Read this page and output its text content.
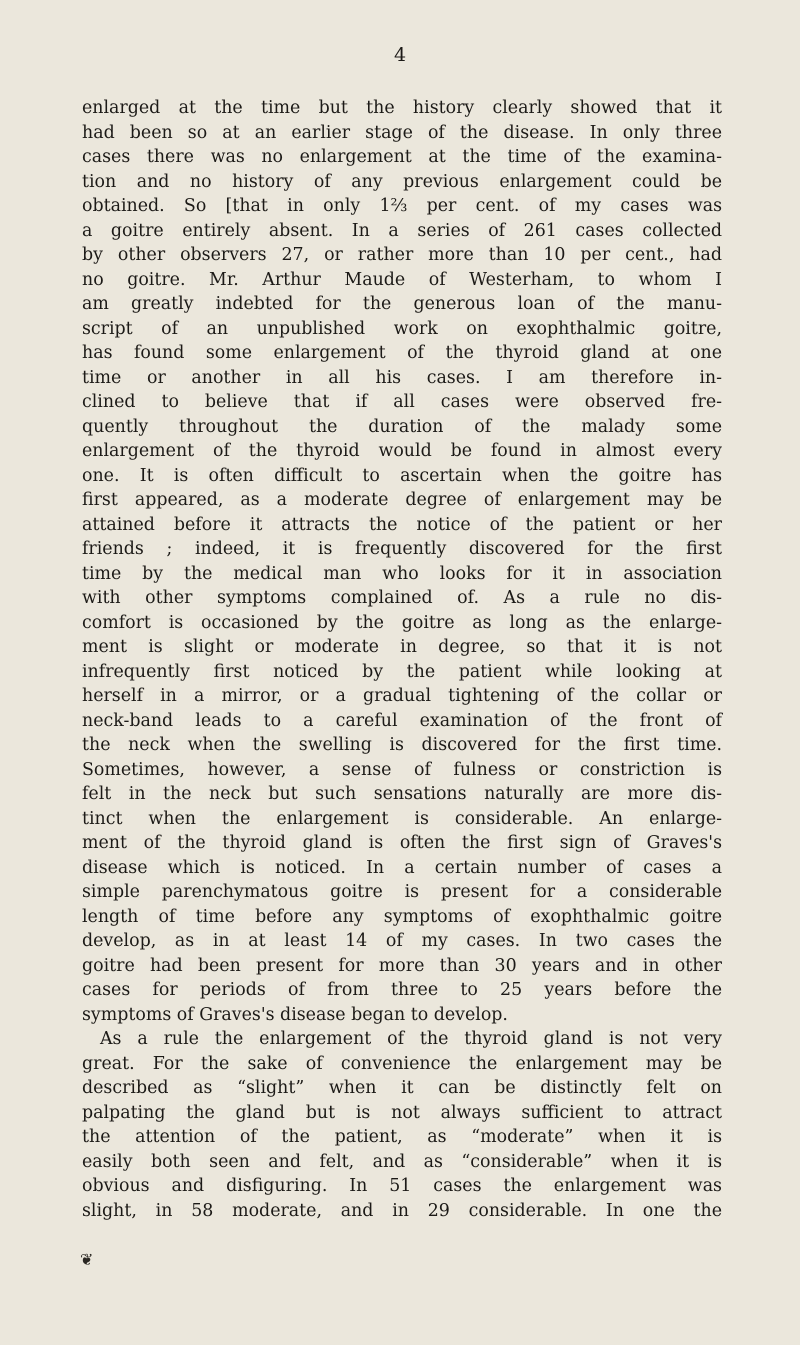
4
enlarged at the time but the history clearly showed that it
had been so at an earlier stage of the disease. In only three
cases there was no enlargement at the time of the examina-
tion and no history of any previous enlargement could be
obtained. So [that in only 1⅔ per cent. of my cases was
a goitre entirely absent. In a series of 261 cases collected
by other observers 27, or rather more than 10 per cent., had
no goitre. Mr. Arthur Maude of Westerham, to whom I
am greatly indebted for the generous loan of the manu-
script of an unpublished work on exophthalmic goitre,
has found some enlargement of the thyroid gland at one
time or another in all his cases. I am therefore in-
clined to believe that if all cases were observed fre-
quently throughout the duration of the malady some
enlargement of the thyroid would be found in almost every
one. It is often difficult to ascertain when the goitre has
first appeared, as a moderate degree of enlargement may be
attained before it attracts the notice of the patient or her
friends ; indeed, it is frequently discovered for the first
time by the medical man who looks for it in association
with other symptoms complained of. As a rule no dis-
comfort is occasioned by the goitre as long as the enlarge-
ment is slight or moderate in degree, so that it is not
infrequently first noticed by the patient while looking at
herself in a mirror, or a gradual tightening of the collar or
neck-band leads to a careful examination of the front of
the neck when the swelling is discovered for the first time.
Sometimes, however, a sense of fulness or constriction is
felt in the neck but such sensations naturally are more dis-
tinct when the enlargement is considerable. An enlarge-
ment of the thyroid gland is often the first sign of Graves's
disease which is noticed. In a certain number of cases a
simple parenchymatous goitre is present for a considerable
length of time before any symptoms of exophthalmic goitre
develop, as in at least 14 of my cases. In two cases the
goitre had been present for more than 30 years and in other
cases for periods of from three to 25 years before the
symptoms of Graves's disease began to develop.
As a rule the enlargement of the thyroid gland is not very
great. For the sake of convenience the enlargement may be
described as “slight” when it can be distinctly felt on
palpating the gland but is not always sufficient to attract
the attention of the patient, as “moderate” when it is
easily both seen and felt, and as “considerable” when it is
obvious and disfiguring. In 51 cases the enlargement was
slight, in 58 moderate, and in 29 considerable. In one the
❦
